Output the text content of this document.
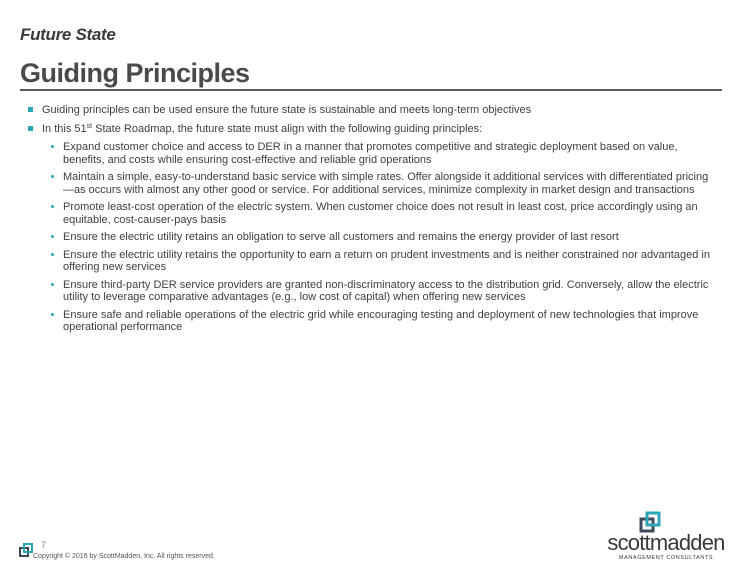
Future State
Guiding Principles
Guiding principles can be used ensure the future state is sustainable and meets long-term objectives
In this 51st State Roadmap, the future state must align with the following guiding principles:
Expand customer choice and access to DER in a manner that promotes competitive and strategic deployment based on value, benefits, and costs while ensuring cost-effective and reliable grid operations
Maintain a simple, easy-to-understand basic service with simple rates. Offer alongside it additional services with differentiated pricing—as occurs with almost any other good or service. For additional services, minimize complexity in market design and transactions
Promote least-cost operation of the electric system. When customer choice does not result in least cost, price accordingly using an equitable, cost-causer-pays basis
Ensure the electric utility retains an obligation to serve all customers and remains the energy provider of last resort
Ensure the electric utility retains the opportunity to earn a return on prudent investments and is neither constrained nor advantaged in offering new services
Ensure third-party DER service providers are granted non-discriminatory access to the distribution grid. Conversely, allow the electric utility to leverage comparative advantages (e.g., low cost of capital) when offering new services
Ensure safe and reliable operations of the electric grid while encouraging testing and deployment of new technologies that improve operational performance
7
Copyright © 2016 by ScottMadden, Inc. All rights reserved.
scottmadden
MANAGEMENT CONSULTANTS
